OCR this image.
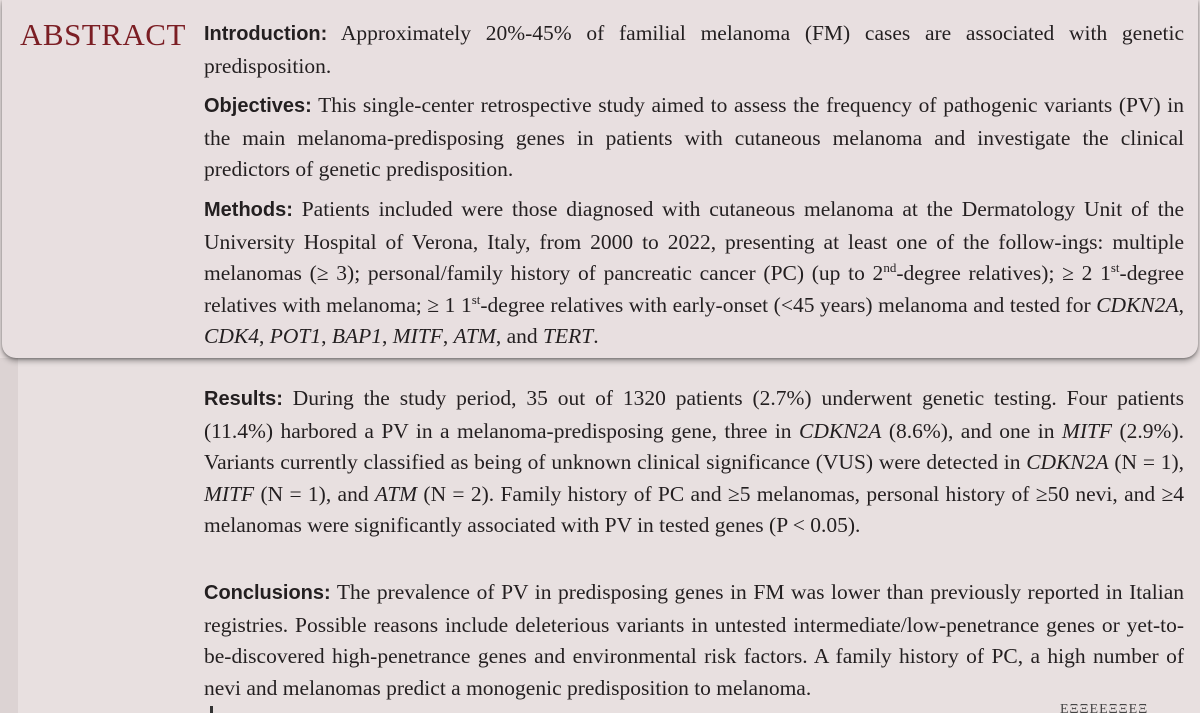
Results: During the study period, 35 out of 1320 patients (2.7%) underwent genetic testing. Four patients (11.4%) harbored a PV in a melanoma-predisposing gene, three in CDKN2A (8.6%), and one in MITF (2.9%). Variants currently classified as being of unknown clinical significance (VUS) were detected in CDKN2A (N = 1), MITF (N = 1), and ATM (N = 2). Family history of PC and ≥5 melanomas, personal history of ≥50 nevi, and ≥4 melanomas were significantly associated with PV in tested genes (P < 0.05).

Conclusions: The prevalence of PV in predisposing genes in FM was lower than previously reported in Italian registries. Possible reasons include deleterious variants in untested intermediate/low-penetrance genes or yet-to-be-discovered high-penetrance genes and environmental risk factors. A family history of PC, a high number of nevi and melanomas predict a monogenic predisposition to melanoma.

ΕΞΞΕΕΞΞΕΞ
ABSTRACT Introduction: Approximately 20%-45% of familial melanoma (FM) cases are associated with genetic predisposition.

Objectives: This single-center retrospective study aimed to assess the frequency of pathogenic variants (PV) in the main melanoma-predisposing genes in patients with cutaneous melanoma and investigate the clinical predictors of genetic predisposition.

Methods: Patients included were those diagnosed with cutaneous melanoma at the Dermatology Unit of the University Hospital of Verona, Italy, from 2000 to 2022, presenting at least one of the follow-ings: multiple melanomas (≥ 3); personal/family history of pancreatic cancer (PC) (up to 2nd-degree relatives); ≥ 2 1st-degree relatives with melanoma; ≥ 1 1st-degree relatives with early-onset (<45 years) melanoma and tested for CDKN2A, CDK4, POT1, BAP1, MITF, ATM, and TERT.
